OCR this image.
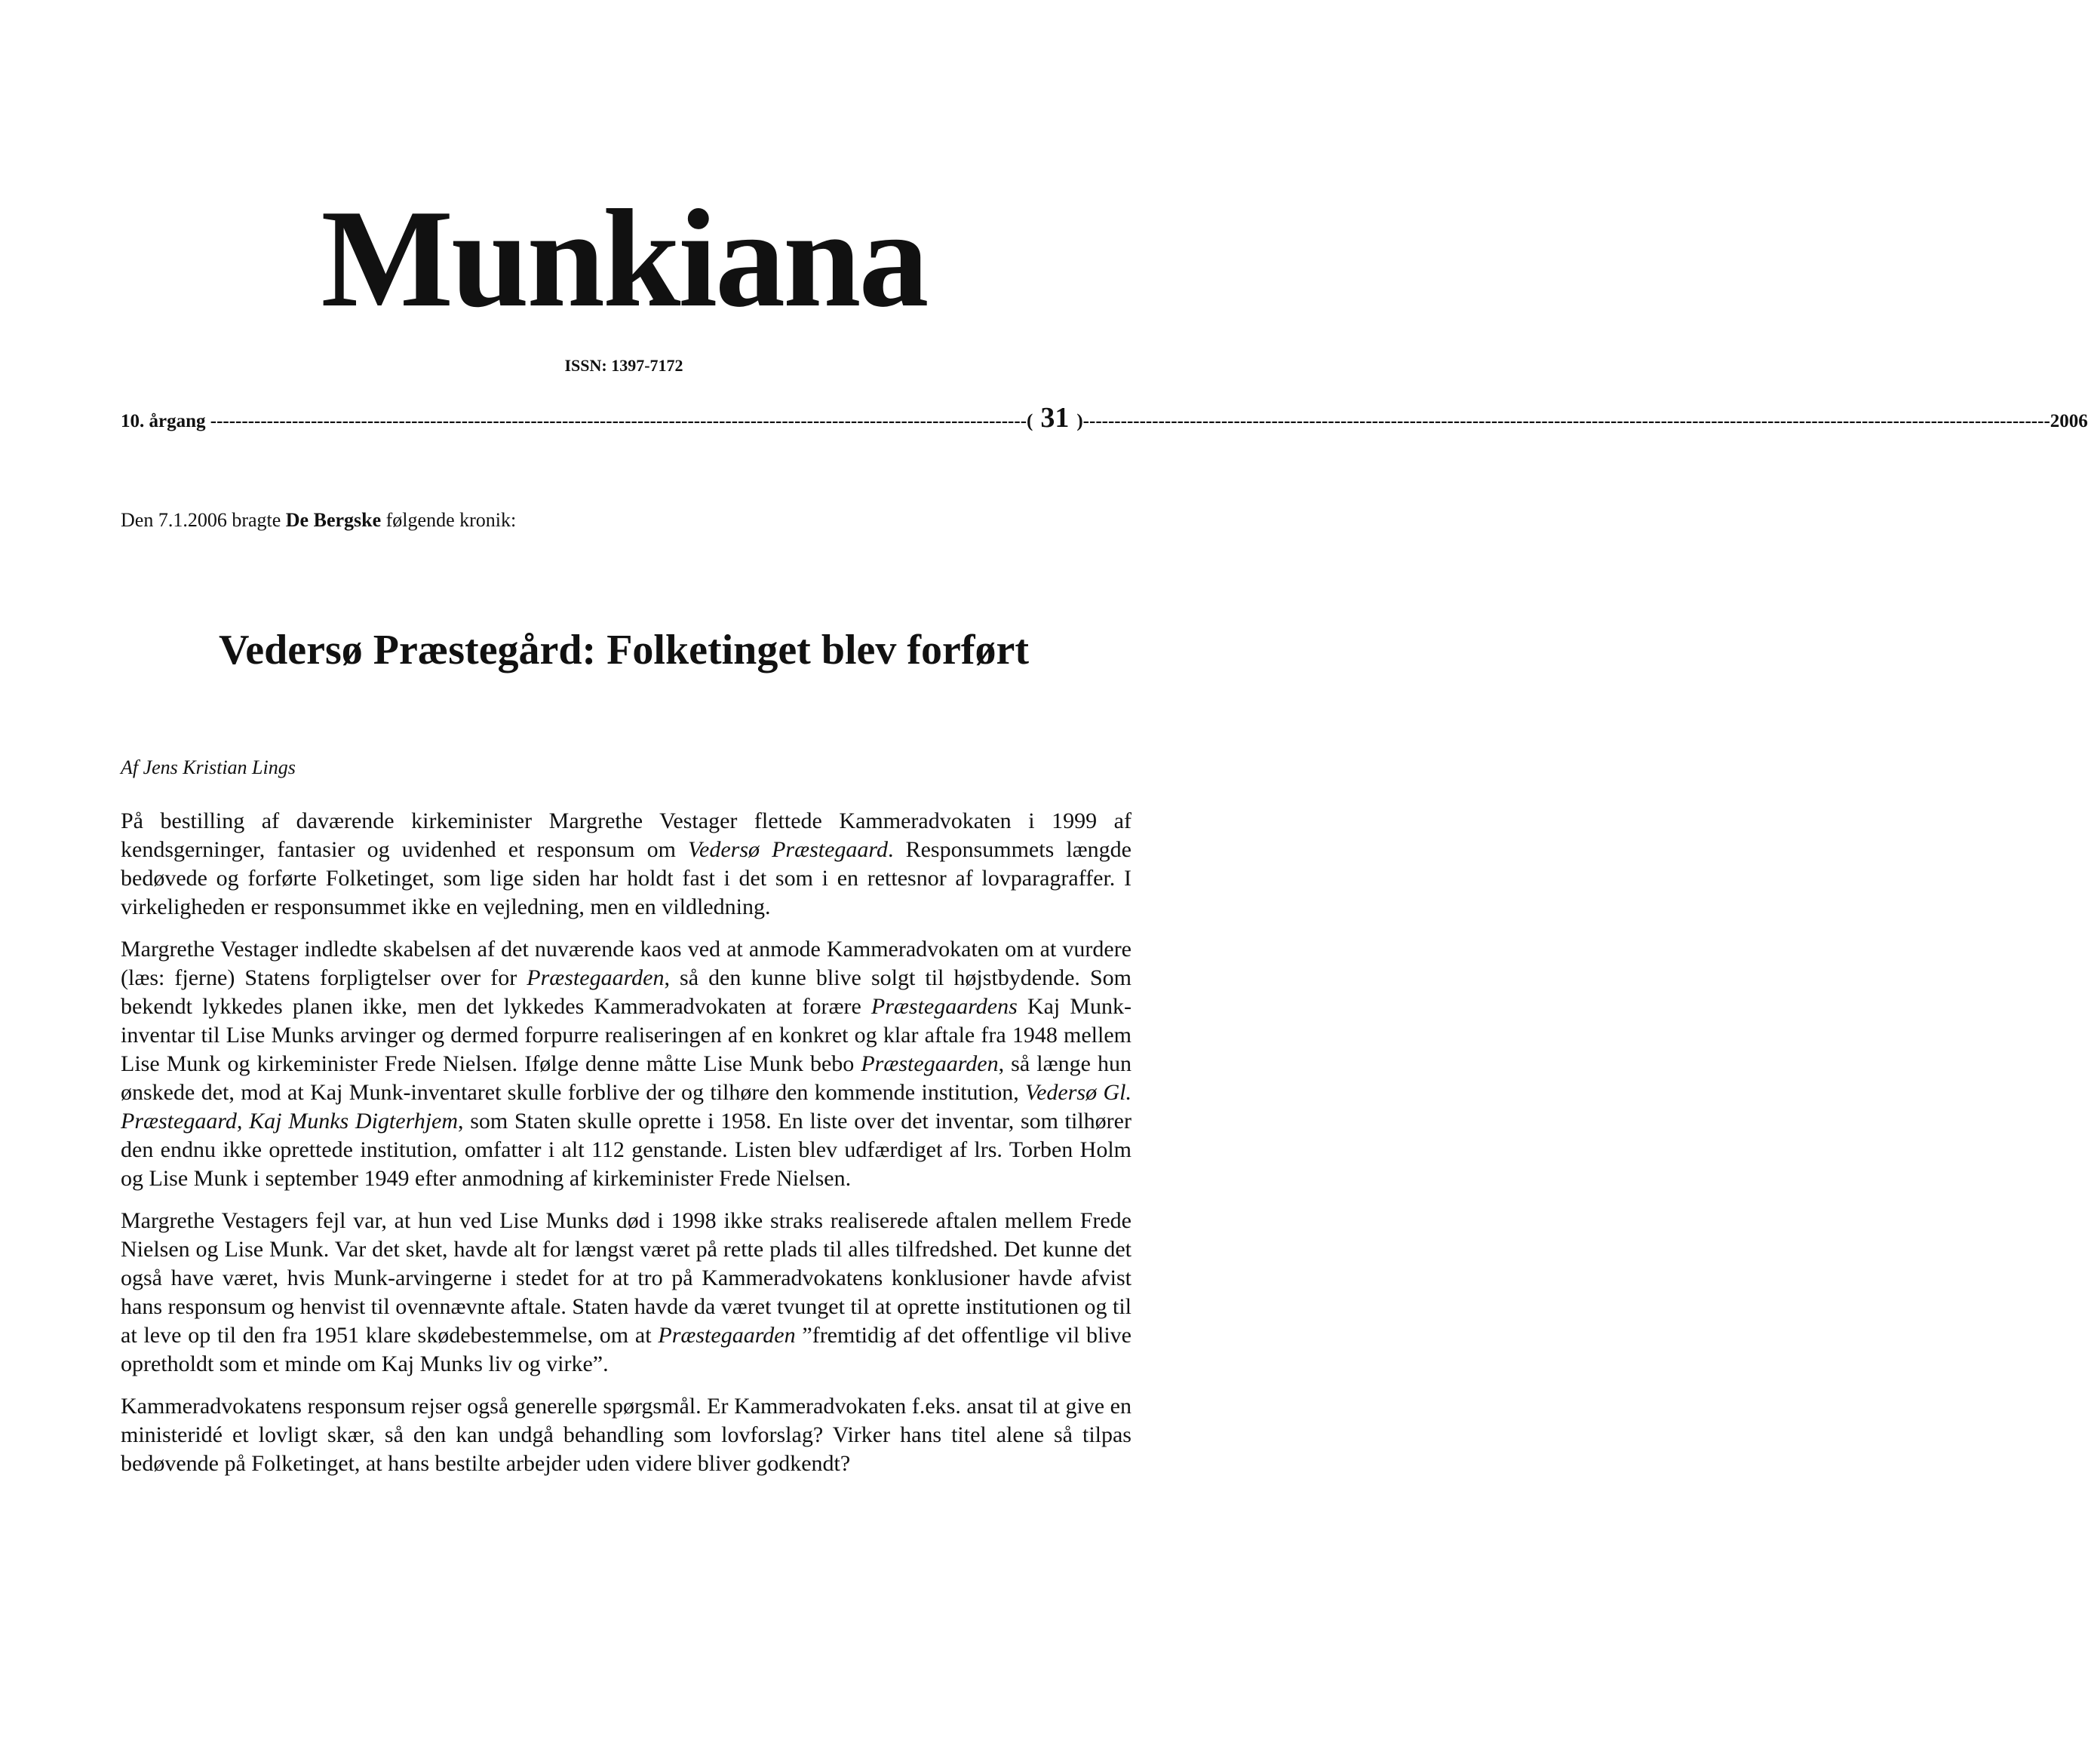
Munkiana
ISSN: 1397-7172
10. årgang ----------------------------------------------------------------------------------------------------------------------------------( 31 )---------------------------------------------------------------------------------------------------------------------------------------------------------- 2006
Den 7.1.2006 bragte De Bergske følgende kronik:
Vedersø Præstegård: Folketinget blev forført
Af Jens Kristian Lings

På bestilling af daværende kirkeminister Margrethe Vestager flettede Kammeradvokaten i 1999 af kendsgerninger, fantasier og uvidenhed et responsum om Vedersø Præstegaard. Responsummets længde bedøvede og forførte Folketinget, som lige siden har holdt fast i det som i en rettesnor af lovparagraffer. I virkeligheden er responsummet ikke en vejledning, men en vildledning.

Margrethe Vestager indledte skabelsen af det nuværende kaos ved at anmode Kammeradvokaten om at vurdere (læs: fjerne) Statens forpligtelser over for Præstegaarden, så den kunne blive solgt til højstbydende. Som bekendt lykkedes planen ikke, men det lykkedes Kammeradvokaten at forære Præstegaardens Kaj Munk-inventar til Lise Munks arvinger og dermed forpurre realiseringen af en konkret og klar aftale fra 1948 mellem Lise Munk og kirkeminister Frede Nielsen. Ifølge denne måtte Lise Munk bebo Præstegaarden, så længe hun ønskede det, mod at Kaj Munk-inventaret skulle forblive der og tilhøre den kommende institution, Vedersø Gl. Præstegaard, Kaj Munks Digterhjem, som Staten skulle oprette i 1958. En liste over det inventar, som tilhører den endnu ikke oprettede institution, omfatter i alt 112 genstande. Listen blev udfærdiget af lrs. Torben Holm og Lise Munk i september 1949 efter anmodning af kirkeminister Frede Nielsen.

Margrethe Vestagers fejl var, at hun ved Lise Munks død i 1998 ikke straks realiserede aftalen mellem Frede Nielsen og Lise Munk. Var det sket, havde alt for længst været på rette plads til alles tilfredshed. Det kunne det også have været, hvis Munk-arvingerne i stedet for at tro på Kammeradvokatens konklusioner havde afvist hans responsum og henvist til ovennævnte aftale. Staten havde da været tvunget til at oprette institutionen og til at leve op til den fra 1951 klare skødebestemmelse, om at Præstegaarden ”fremtidig af det offentlige vil blive opretholdt som et minde om Kaj Munks liv og virke”.

Kammeradvokatens responsum rejser også generelle spørgsmål. Er Kammeradvokaten f.eks. ansat til at give en ministeridé et lovligt skær, så den kan undgå behandling som lovforslag? Virker hans titel alene så tilpas bedøvende på Folketinget, at hans bestilte arbejder uden videre bliver godkendt?
